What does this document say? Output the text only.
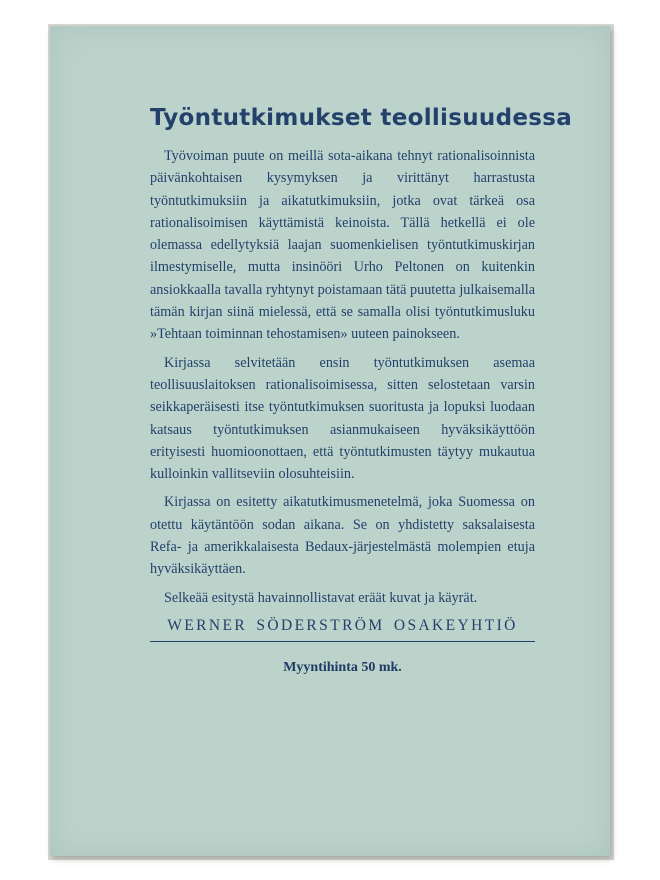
Työntutkimukset teollisuudessa

Työvoiman puute on meillä sota-aikana tehnyt rationalisoinnista päivänkohtaisen kysymyksen ja virittänyt harrastusta työntutkimuksiin ja aikatutkimuksiin, jotka ovat tärkeä osa rationalisoimisen käyttämistä keinoista. Tällä hetkellä ei ole olemassa edellytyksiä laajan suomenkielisen työntutkimuskirjan ilmestymiselle, mutta insinööri Urho Peltonen on kuitenkin ansiokkaalla tavalla ryhtynyt poistamaan tätä puutetta julkaisemalla tämän kirjan siinä mielessä, että se samalla olisi työntutkimusluku »Tehtaan toiminnan tehostamisen» uuteen painokseen.

Kirjassa selvitetään ensin työntutkimuksen asemaa teollisuuslaitoksen rationalisoimisessa, sitten selostetaan varsin seikkaperäisesti itse työntutkimuksen suoritusta ja lopuksi luodaan katsaus työntutkimuksen asianmukaiseen hyväksikäyttöön erityisesti huomioonottaen, että työntutkimusten täytyy mukautua kulloinkin vallitseviin olosuhteisiin.

Kirjassa on esitetty aikatutkimusmenetelmä, joka Suomessa on otettu käytäntöön sodan aikana. Se on yhdistetty saksalaisesta Refa- ja amerikkalaisesta Bedaux-järjestelmästä molempien etuja hyväksikäyttäen.

Selkeää esitystä havainnollistavat eräät kuvat ja käyrät.

WERNER SÖDERSTRÖM OSAKEYHTIÖ
Myyntihinta 50 mk.
